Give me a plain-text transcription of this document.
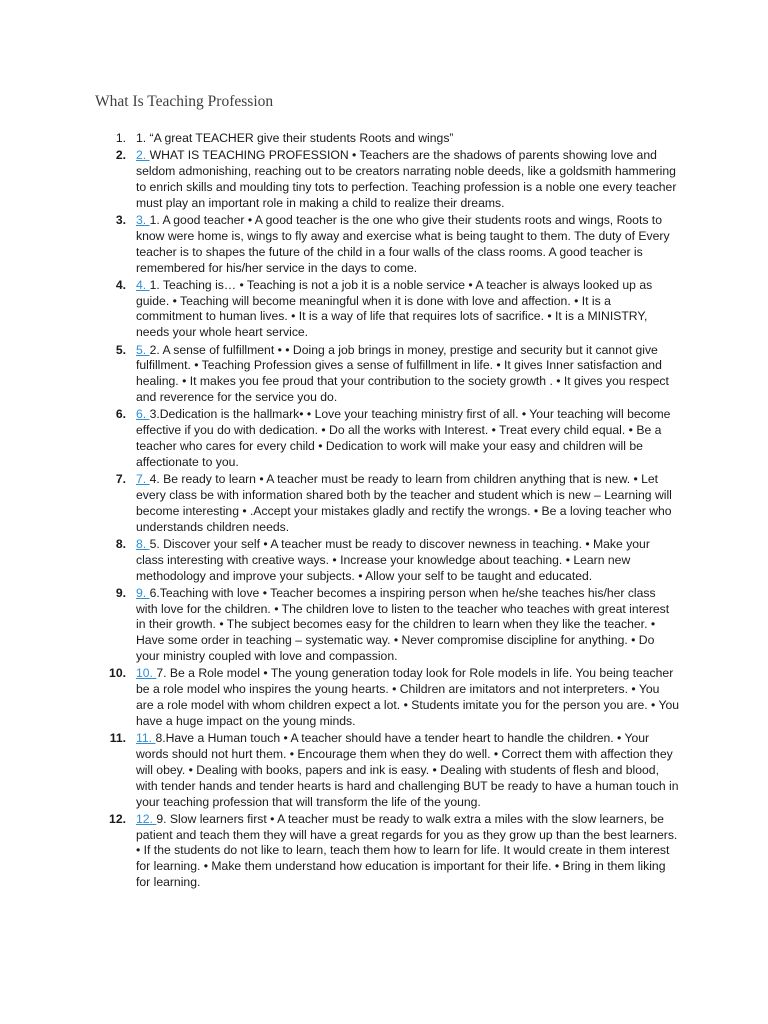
What Is Teaching Profession
1. 1. “A great TEACHER give their students Roots and wings”
2. 2. WHAT IS TEACHING PROFESSION • Teachers are the shadows of parents showing love and seldom admonishing, reaching out to be creators narrating noble deeds, like a goldsmith hammering to enrich skills and moulding tiny tots to perfection. Teaching profession is a noble one every teacher must play an important role in making a child to realize their dreams.
3. 3. 1. A good teacher • A good teacher is the one who give their students roots and wings, Roots to know were home is, wings to fly away and exercise what is being taught to them. The duty of Every teacher is to shapes the future of the child in a four walls of the class rooms. A good teacher is remembered for his/her service in the days to come.
4. 4. 1. Teaching is… • Teaching is not a job it is a noble service • A teacher is always looked up as guide. • Teaching will become meaningful when it is done with love and affection. • It is a commitment to human lives. • It is a way of life that requires lots of sacrifice. • It is a MINISTRY, needs your whole heart service.
5. 5. 2. A sense of fulfillment • • Doing a job brings in money, prestige and security but it cannot give fulfillment. • Teaching Profession gives a sense of fulfillment in life. • It gives Inner satisfaction and healing. • It makes you fee proud that your contribution to the society growth . • It gives you respect and reverence for the service you do.
6. 6. 3.Dedication is the hallmark• • Love your teaching ministry first of all. • Your teaching will become effective if you do with dedication. • Do all the works with Interest. • Treat every child equal. • Be a teacher who cares for every child • Dedication to work will make your easy and children will be affectionate to you.
7. 7. 4. Be ready to learn • A teacher must be ready to learn from children anything that is new. • Let every class be with information shared both by the teacher and student which is new – Learning will become interesting • .Accept your mistakes gladly and rectify the wrongs. • Be a loving teacher who understands children needs.
8. 8. 5. Discover your self • A teacher must be ready to discover newness in teaching. • Make your class interesting with creative ways. • Increase your knowledge about teaching. • Learn new methodology and improve your subjects. • Allow your self to be taught and educated.
9. 9. 6.Teaching with love • Teacher becomes a inspiring person when he/she teaches his/her class with love for the children. • The children love to listen to the teacher who teaches with great interest in their growth. • The subject becomes easy for the children to learn when they like the teacher. • Have some order in teaching – systematic way. • Never compromise discipline for anything. • Do your ministry coupled with love and compassion.
10. 10. 7. Be a Role model • The young generation today look for Role models in life. You being teacher be a role model who inspires the young hearts. • Children are imitators and not interpreters. • You are a role model with whom children expect a lot. • Students imitate you for the person you are. • You have a huge impact on the young minds.
11. 11. 8.Have a Human touch • A teacher should have a tender heart to handle the children. • Your words should not hurt them. • Encourage them when they do well. • Correct them with affection they will obey. • Dealing with books, papers and ink is easy. • Dealing with students of flesh and blood, with tender hands and tender hearts is hard and challenging BUT be ready to have a human touch in your teaching profession that will transform the life of the young.
12. 12. 9. Slow learners first • A teacher must be ready to walk extra a miles with the slow learners, be patient and teach them they will have a great regards for you as they grow up than the best learners. • If the students do not like to learn, teach them how to learn for life. It would create in them interest for learning. • Make them understand how education is important for their life. • Bring in them liking for learning.
